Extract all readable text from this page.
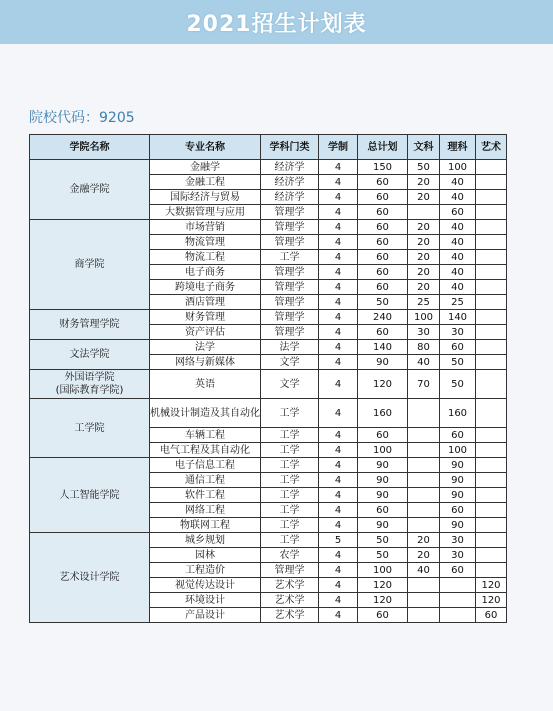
2021招生计划表
院校代码：9205
学院名称	专业名称	学科门类	学制	总计划	文科	理科	艺术
金融学院	金融学	经济学	4	150	50	100	
	金融工程	经济学	4	60	20	40	
	国际经济与贸易	经济学	4	60	20	40	
	大数据管理与应用	管理学	4	60		60	
商学院	市场营销	管理学	4	60	20	40	
	物流管理	管理学	4	60	20	40	
	物流工程	工学	4	60	20	40	
	电子商务	管理学	4	60	20	40	
	跨境电子商务	管理学	4	60	20	40	
	酒店管理	管理学	4	50	25	25	
财务管理学院	财务管理	管理学	4	240	100	140	
	资产评估	管理学	4	60	30	30	
文法学院	法学	法学	4	140	80	60	
	网络与新媒体	文学	4	90	40	50	
外国语学院
(国际教育学院)	英语	文学	4	120	70	50	
工学院	机械设计制造及其自动化	工学	4	160		160	
	车辆工程	工学	4	60		60	
	电气工程及其自动化	工学	4	100		100	
人工智能学院	电子信息工程	工学	4	90		90	
	通信工程	工学	4	90		90	
	软件工程	工学	4	90		90	
	网络工程	工学	4	60		60	
	物联网工程	工学	4	90		90	
艺术设计学院	城乡规划	工学	5	50	20	30	
	园林	农学	4	50	20	30	
	工程造价	管理学	4	100	40	60	
	视觉传达设计	艺术学	4	120			120
	环境设计	艺术学	4	120			120
	产品设计	艺术学	4	60			60
